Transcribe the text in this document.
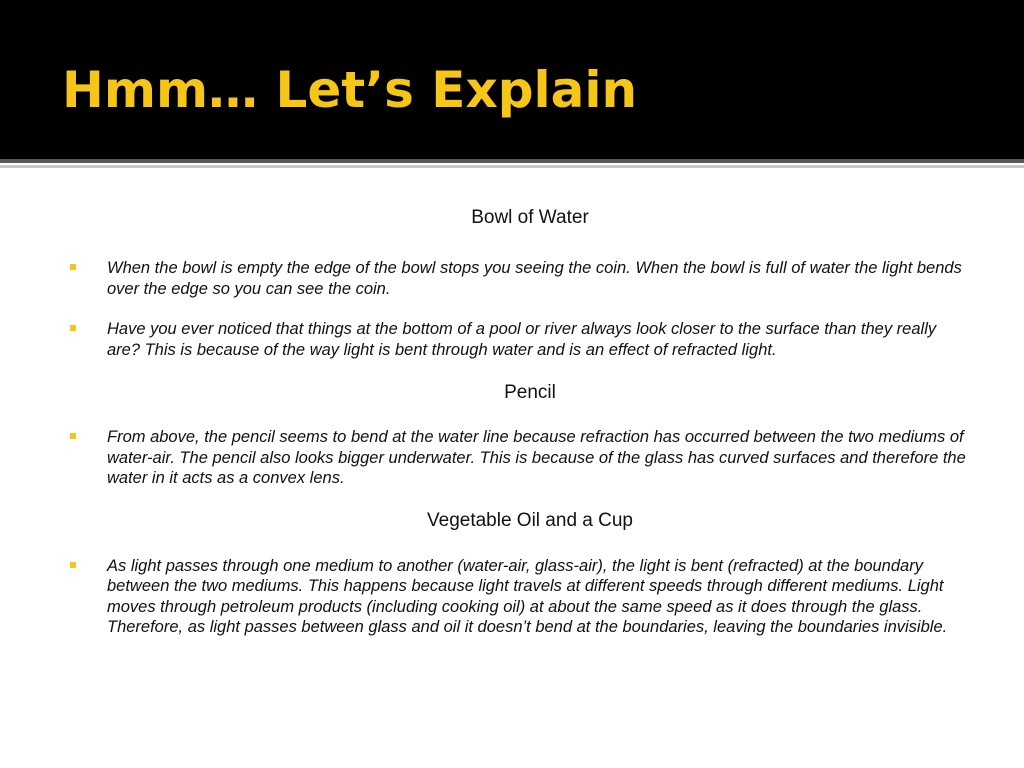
Hmm… Let’s Explain
Bowl of Water
When the bowl is empty the edge of the bowl stops you seeing the coin. When the bowl is full of water the light bends over the edge so you can see the coin.
Have you ever noticed that things at the bottom of a pool or river always look closer to the surface than they really are? This is because of the way light is bent through water and is an effect of refracted light.
Pencil
From above, the pencil seems to bend at the water line because refraction has occurred between the two mediums of water-air. The pencil also looks bigger underwater. This is because of the glass has curved surfaces and therefore the water in it acts as a convex lens.
Vegetable Oil and a Cup
As light passes through one medium to another (water-air, glass-air), the light is bent (refracted) at the boundary between the two mediums. This happens because light travels at different speeds through different mediums. Light moves through petroleum products (including cooking oil) at about the same speed as it does through the glass. Therefore, as light passes between glass and oil it doesn’t bend at the boundaries, leaving the boundaries invisible.
